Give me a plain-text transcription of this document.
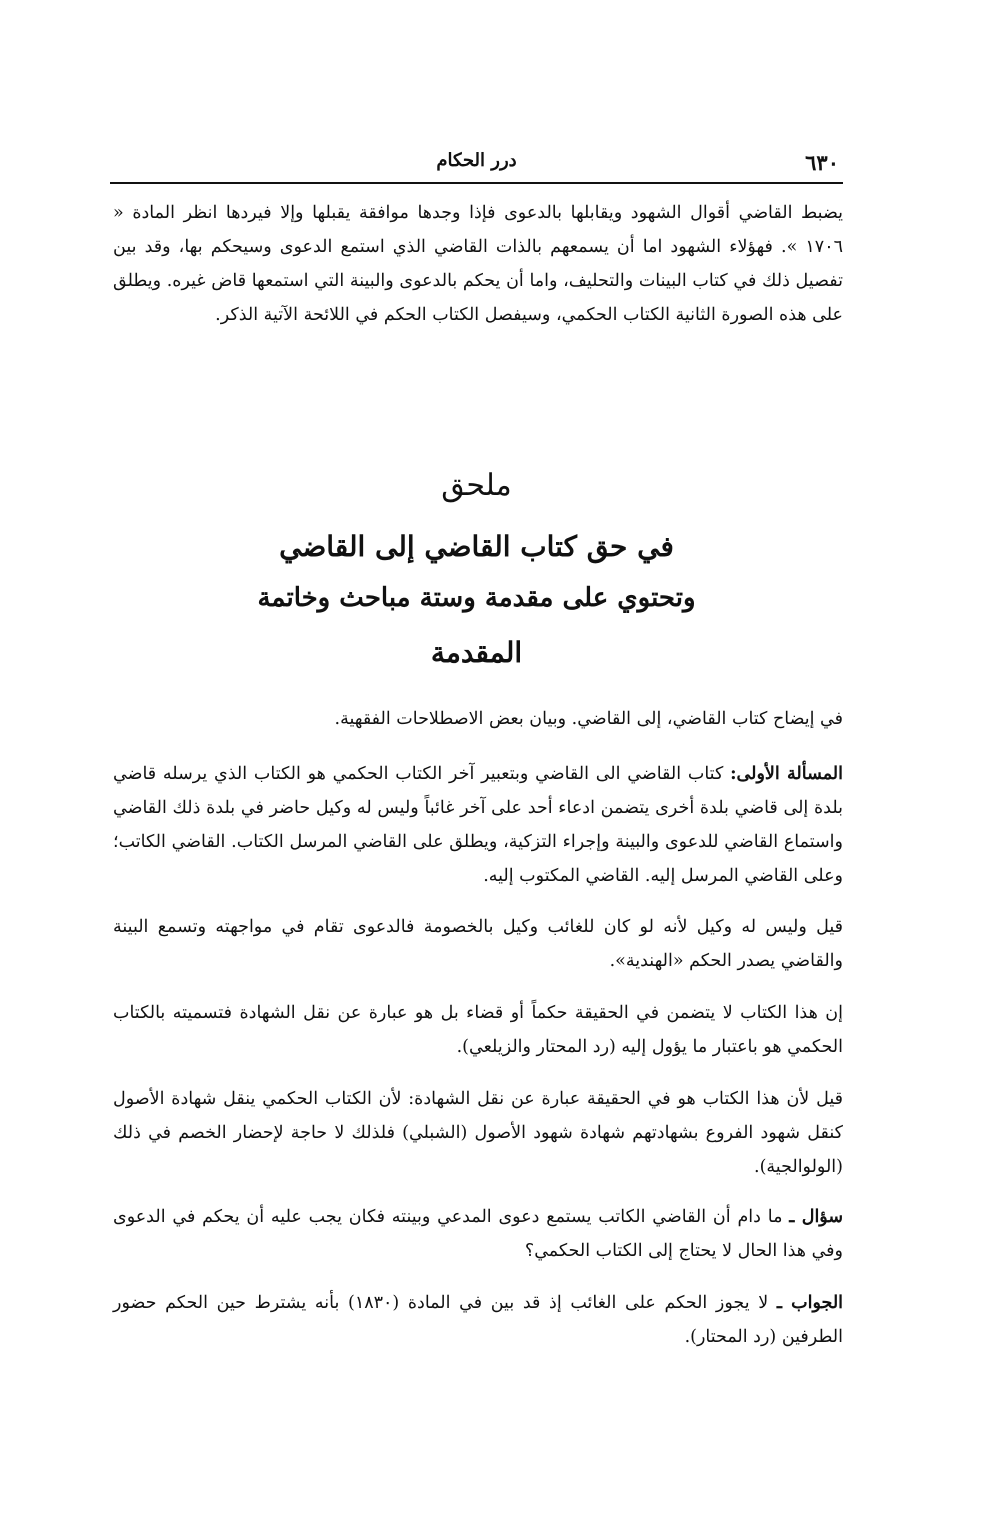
٦٣٠
درر الحكام

يضبط القاضي أقوال الشهود ويقابلها بالدعوى فإذا وجدها موافقة يقبلها وإلا فيردها انظر المادة « ١٧٠٦ ». فهؤلاء الشهود اما أن يسمعهم بالذات القاضي الذي استمع الدعوى وسيحكم بها، وقد بين تفصيل ذلك في كتاب البينات والتحليف، واما أن يحكم بالدعوى والبينة التي استمعها قاض غيره. ويطلق على هذه الصورة الثانية الكتاب الحكمي، وسيفصل الكتاب الحكم في اللائحة الآتية الذكر.

ملحق
في حق كتاب القاضي إلى القاضي
وتحتوي على مقدمة وستة مباحث وخاتمة
المقدمة

في إيضاح كتاب القاضي، إلى القاضي. وبيان بعض الاصطلاحات الفقهية.

المسألة الأولى: كتاب القاضي الى القاضي وبتعبير آخر الكتاب الحكمي هو الكتاب الذي يرسله قاضي بلدة إلى قاضي بلدة أخرى يتضمن ادعاء أحد على آخر غائباً وليس له وكيل حاضر في بلدة ذلك القاضي واستماع القاضي للدعوى والبينة وإجراء التزكية، ويطلق على القاضي المرسل الكتاب. القاضي الكاتب؛ وعلى القاضي المرسل إليه. القاضي المكتوب إليه.

قيل وليس له وكيل لأنه لو كان للغائب وكيل بالخصومة فالدعوى تقام في مواجهته وتسمع البينة والقاضي يصدر الحكم «الهندية».

إن هذا الكتاب لا يتضمن في الحقيقة حكماً أو قضاء بل هو عبارة عن نقل الشهادة فتسميته بالكتاب الحكمي هو باعتبار ما يؤول إليه (رد المحتار والزيلعي).

قيل لأن هذا الكتاب هو في الحقيقة عبارة عن نقل الشهادة: لأن الكتاب الحكمي ينقل شهادة الأصول كنقل شهود الفروع بشهادتهم شهادة شهود الأصول (الشبلي) فلذلك لا حاجة لإحضار الخصم في ذلك (الولوالجية).

سؤال ـ ما دام أن القاضي الكاتب يستمع دعوى المدعي وبينته فكان يجب عليه أن يحكم في الدعوى وفي هذا الحال لا يحتاج إلى الكتاب الحكمي؟

الجواب ـ لا يجوز الحكم على الغائب إذ قد بين في المادة (١٨٣٠) بأنه يشترط حين الحكم حضور الطرفين (رد المحتار).
